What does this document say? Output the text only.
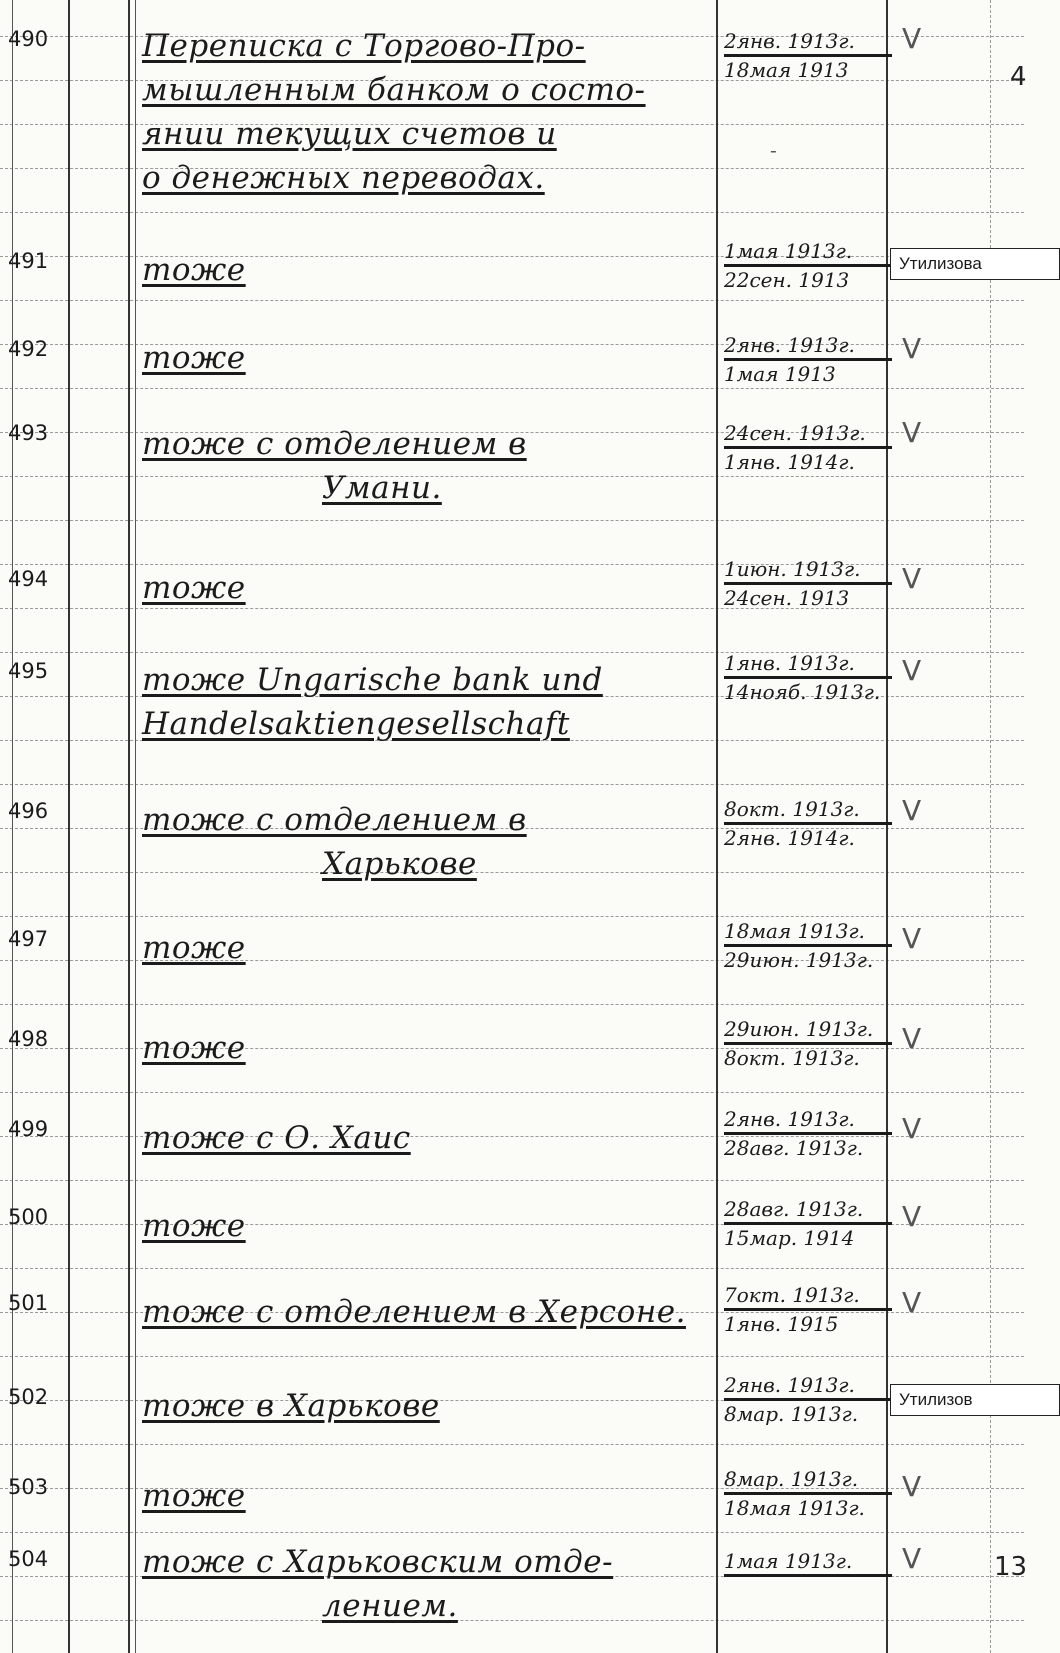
4
13
-
490	Переписка с Торгово-Про-
мышленным банком о состо-
янии текущих счетов и
о денежных переводах.
2янв. 1913г.
18мая 1913
V
491	тоже
1мая 1913г.
22сен. 1913
Утилизова
492	тоже	2янв. 1913г.
1мая 1913
V
493	тоже с отделением в
Умани.
24сен. 1913г.
1янв. 1914г.
V
494	тоже
1июн. 1913г.
24сен. 1913
V
495	тоже Ungarische bank und
Handelsaktiengesellschaft
1янв. 1913г.
14нояб. 1913г.
V
496	тоже с отделением в
Харькове
8окт. 1913г.
2янв. 1914г.
V
497	тоже	18мая 1913г.
29июн. 1913г.
V
498	тоже
29июн. 1913г.
8окт. 1913г.
V
499	тоже с О. Хаис
2янв. 1913г.
28авг. 1913г.
V
500	тоже	28авг. 1913г.
15мар. 1914
V
501	тоже с отделением в Херсоне.	7окт. 1913г.
1янв. 1915
V
502	тоже в Харькове
2янв. 1913г.
8мар. 1913г.
Утилизов
503	тоже	8мар. 1913г.
18мая 1913г.
V
504	тоже с Харьковским отде-
лением.
1мая 1913г.	V
